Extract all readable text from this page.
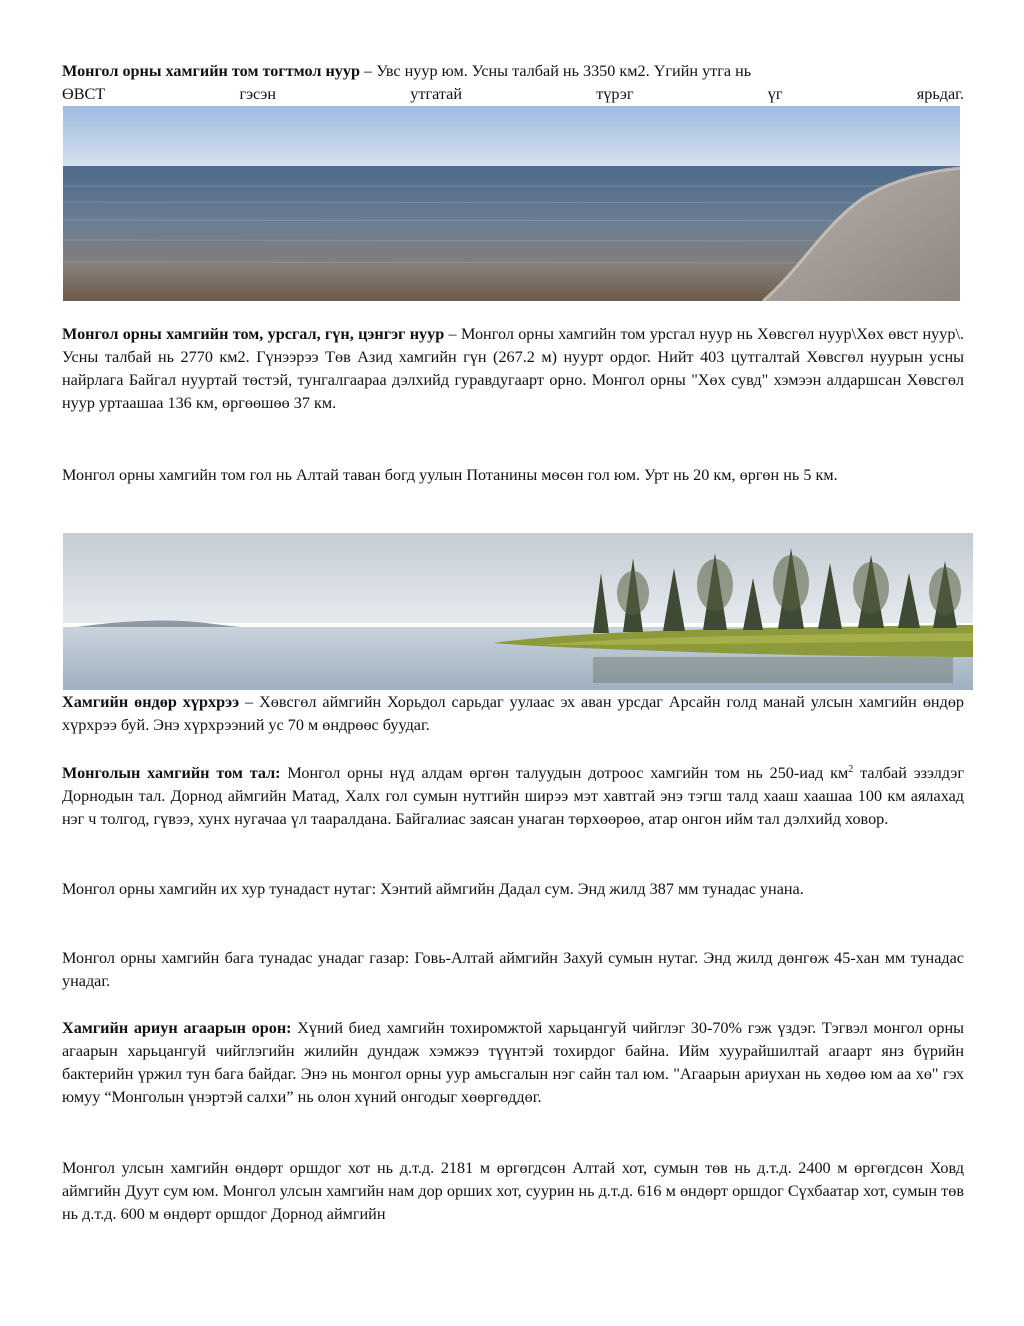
Монгол орны хамгийн том тогтмол нуур – Увс нуур юм. Усны талбай нь 3350 км2. Үгийн утга нь

ӨВСТ гэсэн утгатай түрэг үг ярьдаг.

Монгол орны хамгийн том, урсгал, гүн, цэнгэг нуур – Монгол орны хамгийн том урсгал нуур нь Хөвсгөл нуур\Хөх өвст нуур\. Усны талбай нь 2770 км2. Гүнээрээ Төв Азид хамгийн гүн (267.2 м) нуурт ордог. Нийт 403 цутгалтай Хөвсгөл нуурын усны найрлага Байгал нууртай төстэй, тунгалгаараа дэлхийд гуравдугаарт орно. Монгол орны "Хөх сувд" хэмээн алдаршсан Хөвсгөл нуур уртаашаа 136 км, өргөөшөө 37 км.

Монгол орны хамгийн том гол нь Алтай таван богд уулын Потанины мөсөн гол юм. Урт нь 20 км, өргөн нь 5 км.

Хамгийн өндөр хүрхрээ – Хөвсгөл аймгийн Хорьдол сарьдаг уулаас эх аван урсдаг Арсайн голд манай улсын хамгийн өндөр хүрхрээ буй. Энэ хүрхрээний ус 70 м өндрөөс буудаг.

Монголын хамгийн том тал: Монгол орны нүд алдам өргөн талуудын дотроос хамгийн том нь 250-иад $км^2$ талбай эзэлдэг Дорнодын тал. Дорнод аймгийн Матад, Халх гол сумын нутгийн ширээ мэт хавтгай энэ тэгш талд хааш хаашаа 100 км аялахад нэг ч толгод, гүвээ, хунх нугачаа үл тааралдана. Байгалиас заясан унаган төрхөөрөө, атар онгон ийм тал дэлхийд ховор.

Монгол орны хамгийн их хур тунадаст нутаг: Хэнтий аймгийн Дадал сум. Энд жилд 387 мм тунадас унана.

Монгол орны хамгийн бага тунадас унадаг газар: Говь-Алтай аймгийн Захуй сумын нутаг. Энд жилд дөнгөж 45-хан мм тунадас унадаг.

Хамгийн ариун агаарын орон: Хүний биед хамгийн тохиромжтой харьцангуй чийглэг 30-70% гэж үздэг. Тэгвэл монгол орны агаарын харьцангуй чийглэгийн жилийн дундаж хэмжээ түүнтэй тохирдог байна. Ийм хуурайшилтай агаарт янз бүрийн бактерийн үржил тун бага байдаг. Энэ нь монгол орны уур амьсгалын нэг сайн тал юм. "Агаарын ариухан нь хөдөө юм аа хө" гэх юмуу “Монголын үнэртэй салхи” нь олон хүний онгодыг хөөргөддөг.

Монгол улсын хамгийн өндөрт оршдог хот нь д.т.д. 2181 м өргөгдсөн Алтай хот, сумын төв нь д.т.д. 2400 м өргөгдсөн Ховд аймгийн Дуут сум юм. Монгол улсын хамгийн нам дор орших хот, суурин нь д.т.д. 616 м өндөрт оршдог Сүхбаатар хот, сумын төв нь д.т.д. 600 м өндөрт оршдог Дорнод аймгийн
